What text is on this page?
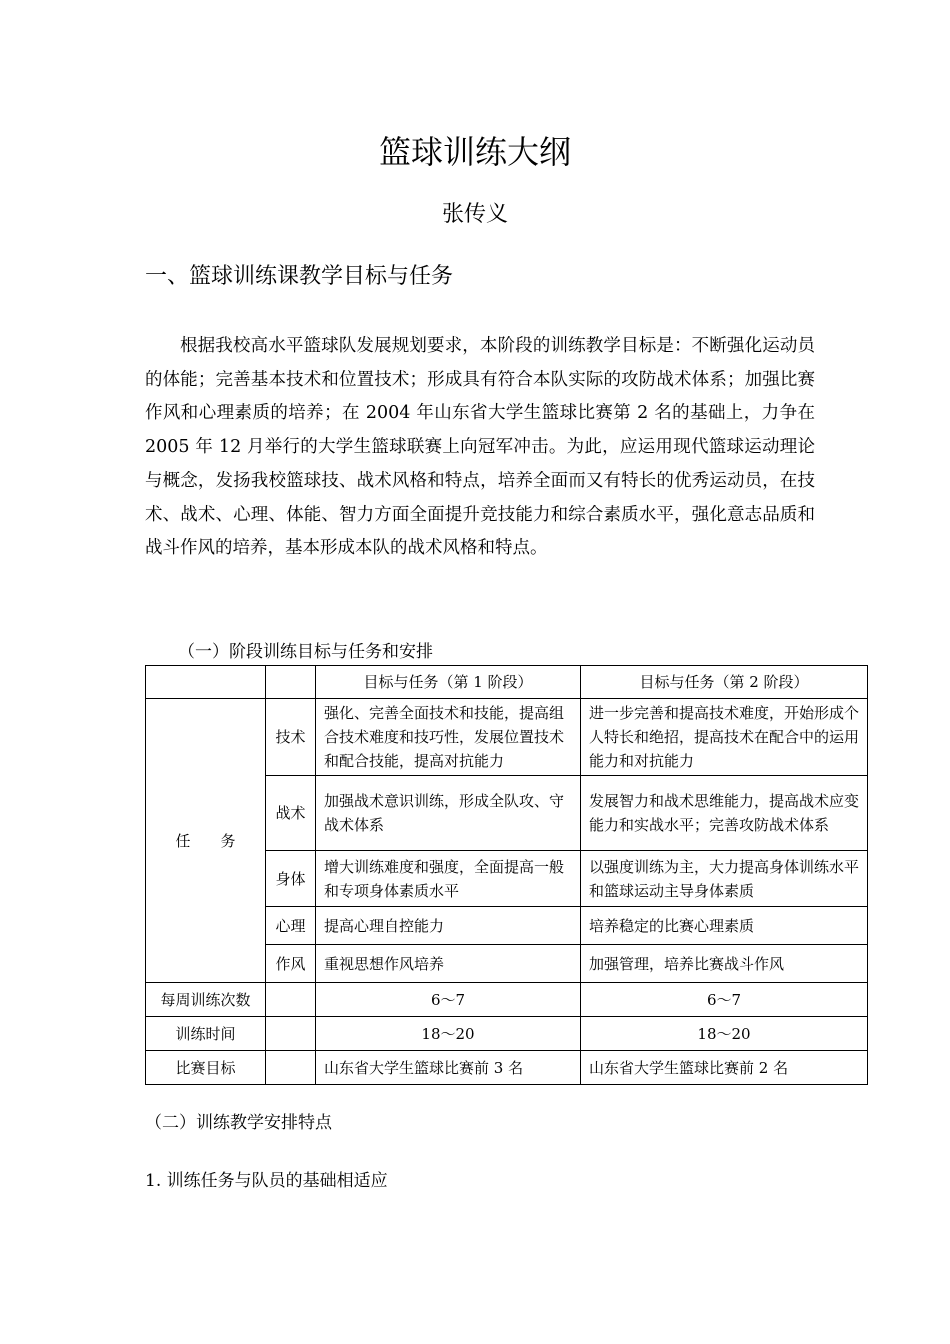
篮球训练大纲
张传义
一、篮球训练课教学目标与任务

根据我校高水平篮球队发展规划要求，本阶段的训练教学目标是：不断强化运动员的体能；完善基本技术和位置技术；形成具有符合本队实际的攻防战术体系；加强比赛作风和心理素质的培养；在 2004 年山东省大学生篮球比赛第 2 名的基础上，力争在 2005 年 12 月举行的大学生篮球联赛上向冠军冲击。为此，应运用现代篮球运动理论与概念，发扬我校篮球技、战术风格和特点，培养全面而又有特长的优秀运动员，在技术、战术、心理、体能、智力方面全面提升竞技能力和综合素质水平，强化意志品质和战斗作风的培养，基本形成本队的战术风格和特点。

（一）阶段训练目标与任务和安排
		目标与任务（第 1 阶段）	目标与任务（第 2 阶段）
任　　务	技术	强化、完善全面技术和技能，提高组合技术难度和技巧性，发展位置技术和配合技能，提高对抗能力	进一步完善和提高技术难度，开始形成个人特长和绝招，提高技术在配合中的运用能力和对抗能力
	战术	加强战术意识训练，形成全队攻、守战术体系	发展智力和战术思维能力，提高战术应变能力和实战水平；完善攻防战术体系
	身体	增大训练难度和强度，全面提高一般和专项身体素质水平	以强度训练为主，大力提高身体训练水平和篮球运动主导身体素质
	心理	提高心理自控能力	培养稳定的比赛心理素质
	作风	重视思想作风培养	加强管理，培养比赛战斗作风
每周训练次数		6～7	6～7
训练时间		18～20	18～20
比赛目标		山东省大学生篮球比赛前 3 名	山东省大学生篮球比赛前 2 名
（二）训练教学安排特点
1. 训练任务与队员的基础相适应
